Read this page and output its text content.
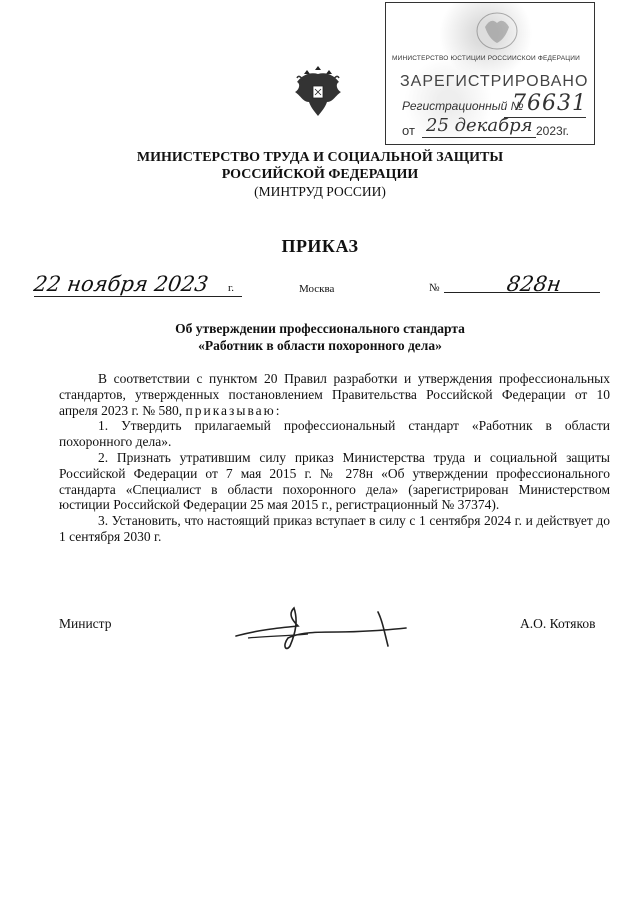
МИНИСТЕРСТВО ЮСТИЦИИ РОССИЙСКОЙ ФЕДЕРАЦИИ
ЗАРЕГИСТРИРОВАНО
Регистрационный №
76631
от 25 декабря 2023г.
МИНИСТЕРСТВО ТРУДА И СОЦИАЛЬНОЙ ЗАЩИТЫ
РОССИЙСКОЙ ФЕДЕРАЦИИ
(МИНТРУД РОССИИ)
ПРИКАЗ
22 ноября 2023 г.	Москва	№	828н
Об утверждении профессионального стандарта
«Работник в области похоронного дела»

В соответствии с пунктом 20 Правил разработки и утверждения профессиональных стандартов, утвержденных постановлением Правительства Российской Федерации от 10 апреля 2023 г. № 580, приказываю:

1. Утвердить прилагаемый профессиональный стандарт «Работник в области похоронного дела».

2. Признать утратившим силу приказ Министерства труда и социальной защиты Российской Федерации от 7 мая 2015 г. № 278н «Об утверждении профессионального стандарта «Специалист в области похоронного дела» (зарегистрирован Министерством юстиции Российской Федерации 25 мая 2015 г., регистрационный № 37374).

3. Установить, что настоящий приказ вступает в силу с 1 сентября 2024 г. и действует до 1 сентября 2030 г.

Министр	А.О. Котяков
